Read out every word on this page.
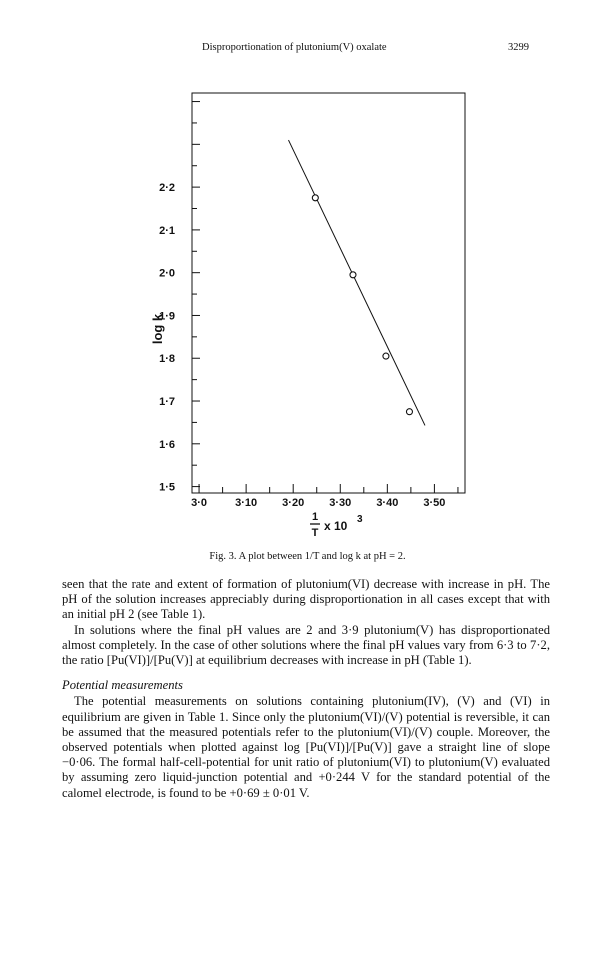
Disproportionation of plutonium(V) oxalate	3299
1·5
1·6
1·7
1·8
1·9
2·0
2·1
2·2
3·0	3·10 3·20 3·30 3·40 3·50
log k
1
T x 10 3

Fig. 3. A plot between 1/T and log k at pH = 2.

seen that the rate and extent of formation of plutonium(VI) decrease with increase in pH. The pH of the solution increases appreciably during disproportionation in all cases except that with an initial pH 2 (see Table 1).

In solutions where the final pH values are 2 and 3·9 plutonium(V) has disproportionated almost completely. In the case of other solutions where the final pH values vary from 6·3 to 7·2, the ratio [Pu(VI)]/[Pu(V)] at equilibrium decreases with increase in pH (Table 1).

Potential measurements

The potential measurements on solutions containing plutonium(IV), (V) and (VI) in equilibrium are given in Table 1. Since only the plutonium(VI)/(V) potential is reversible, it can be assumed that the measured potentials refer to the plutonium(VI)/(V) couple. Moreover, the observed potentials when plotted against log [Pu(VI)]/[Pu(V)] gave a straight line of slope −0·06. The formal half-cell-potential for unit ratio of plutonium(VI) to plutonium(V) evaluated by assuming zero liquid-junction potential and +0·244 V for the standard potential of the calomel electrode, is found to be +0·69 ± 0·01 V.
